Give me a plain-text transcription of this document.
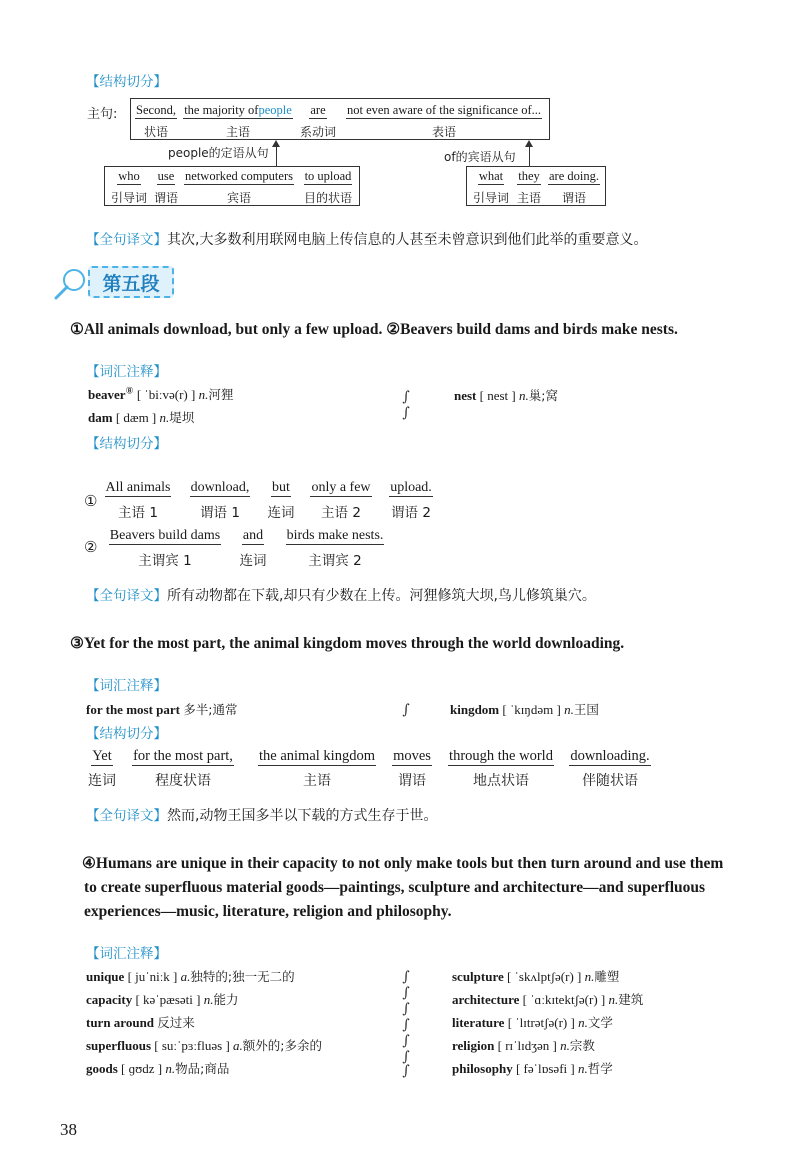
【结构切分】
主句: Second,
状语
the majority ofpeople
主语
are
系动词
not even aware of the significance of...
表语
people的定语从句
who
引导词
use
谓语
networked computers
宾语
to upload
目的状语
of的宾语从句
what
引导词
they
主语
are doing.
谓语
【全句译文】其次,大多数利用联网电脑上传信息的人甚至未曾意识到他们此举的重要意义。
第五段
①All animals download, but only a few upload. ②Beavers build dams and birds make nests.
【词汇注释】
beaver⑧ [ ˈbiːvə(r) ] n.河狸
dam [ dæm ] n.堤坝
nest [ nest ] n.巢;窝
∫
∫
【结构切分】
①
All animals
主语 1
download,
谓语 1
but
连词
only a few
主语 2
upload.
谓语 2
②
Beavers build dams
主谓宾 1
and
连词
birds make nests.
主谓宾 2
【全句译文】所有动物都在下载,却只有少数在上传。河狸修筑大坝,鸟儿修筑巢穴。
③Yet for the most part, the animal kingdom moves through the world downloading.
【词汇注释】
for the most part 多半;通常	kingdom [ ˈkɪŋdəm ] n.王国
∫
【结构切分】
Yet
连词
for the most part,
程度状语
the animal kingdom
主语
moves
谓语
through the world
地点状语
downloading.
伴随状语
【全句译文】然而,动物王国多半以下载的方式生存于世。
④Humans are unique in their capacity to not only make tools but then turn around and use them
to create superfluous material goods—paintings, sculpture and architecture—and superfluous
experiences—music, literature, religion and philosophy.
【词汇注释】
unique [ juˈniːk ] a.独特的;独一无二的
capacity [ kəˈpæsəti ] n.能力
turn around 反过来
superfluous [ suːˈpɜːfluəs ] a.额外的;多余的
goods [ ɡʊdz ] n.物品;商品
sculpture [ ˈskʌlptʃə(r) ] n.雕塑
architecture [ ˈɑːkɪtektʃə(r) ] n.建筑
literature [ ˈlɪtrətʃə(r) ] n.文学
religion [ rɪˈlɪdʒən ] n.宗教
philosophy [ fəˈlɒsəfi ] n.哲学
∫
∫
∫
∫
∫
∫
∫
38
